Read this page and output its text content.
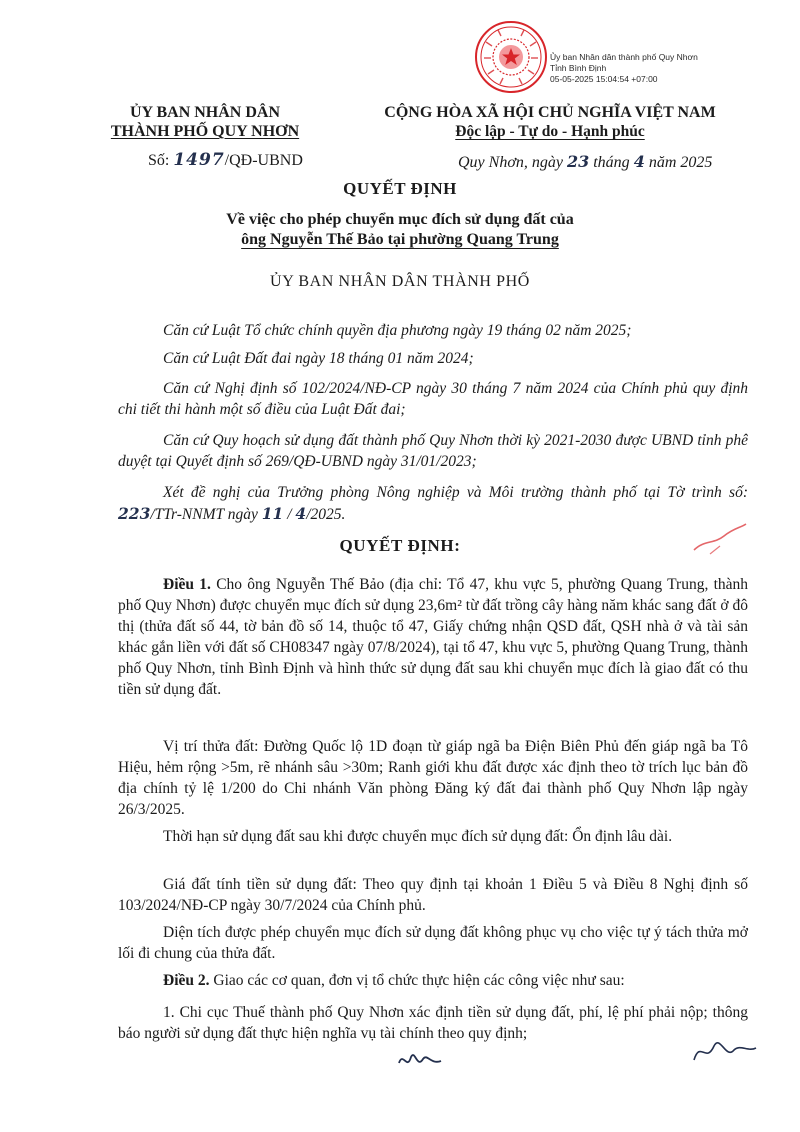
Ủy ban Nhân dân thành phố Quy Nhơn
Tỉnh Bình Định
05-05-2025 15:04:54 +07:00
ỦY BAN NHÂN DÂN
THÀNH PHỐ QUY NHƠN
CỘNG HÒA XÃ HỘI CHỦ NGHĨA VIỆT NAM
Độc lập - Tự do - Hạnh phúc
Số: 1497/QĐ-UBND	Quy Nhơn, ngày 23 tháng 4 năm 2025
QUYẾT ĐỊNH
Về việc cho phép chuyển mục đích sử dụng đất của
ông Nguyễn Thế Bảo tại phường Quang Trung
ỦY BAN NHÂN DÂN THÀNH PHỐ
Căn cứ Luật Tổ chức chính quyền địa phương ngày 19 tháng 02 năm 2025;
Căn cứ Luật Đất đai ngày 18 tháng 01 năm 2024;
Căn cứ Nghị định số 102/2024/NĐ-CP ngày 30 tháng 7 năm 2024 của Chính phủ quy định chi tiết thi hành một số điều của Luật Đất đai;
Căn cứ Quy hoạch sử dụng đất thành phố Quy Nhơn thời kỳ 2021-2030 được UBND tỉnh phê duyệt tại Quyết định số 269/QĐ-UBND ngày 31/01/2023;
Xét đề nghị của Trưởng phòng Nông nghiệp và Môi trường thành phố tại Tờ trình số: 223/TTr-NNMT ngày 11 / 4/2025.
QUYẾT ĐỊNH:
Điều 1. Cho ông Nguyễn Thế Bảo (địa chỉ: Tổ 47, khu vực 5, phường Quang Trung, thành phố Quy Nhơn) được chuyển mục đích sử dụng 23,6m² từ đất trồng cây hàng năm khác sang đất ở đô thị (thửa đất số 44, tờ bản đồ số 14, thuộc tổ 47, Giấy chứng nhận QSD đất, QSH nhà ở và tài sản khác gắn liền với đất số CH08347 ngày 07/8/2024), tại tổ 47, khu vực 5, phường Quang Trung, thành phố Quy Nhơn, tỉnh Bình Định và hình thức sử dụng đất sau khi chuyển mục đích là giao đất có thu tiền sử dụng đất.
Vị trí thửa đất: Đường Quốc lộ 1D đoạn từ giáp ngã ba Điện Biên Phủ đến giáp ngã ba Tô Hiệu, hẻm rộng >5m, rẽ nhánh sâu >30m; Ranh giới khu đất được xác định theo tờ trích lục bản đồ địa chính tỷ lệ 1/200 do Chi nhánh Văn phòng Đăng ký đất đai thành phố Quy Nhơn lập ngày 26/3/2025.
Thời hạn sử dụng đất sau khi được chuyển mục đích sử dụng đất: Ổn định lâu dài.
Giá đất tính tiền sử dụng đất: Theo quy định tại khoản 1 Điều 5 và Điều 8 Nghị định số 103/2024/NĐ-CP ngày 30/7/2024 của Chính phủ.
Diện tích được phép chuyển mục đích sử dụng đất không phục vụ cho việc tự ý tách thửa mở lối đi chung của thửa đất.
Điều 2. Giao các cơ quan, đơn vị tổ chức thực hiện các công việc như sau:
1. Chi cục Thuế thành phố Quy Nhơn xác định tiền sử dụng đất, phí, lệ phí phải nộp; thông báo người sử dụng đất thực hiện nghĩa vụ tài chính theo quy định;
